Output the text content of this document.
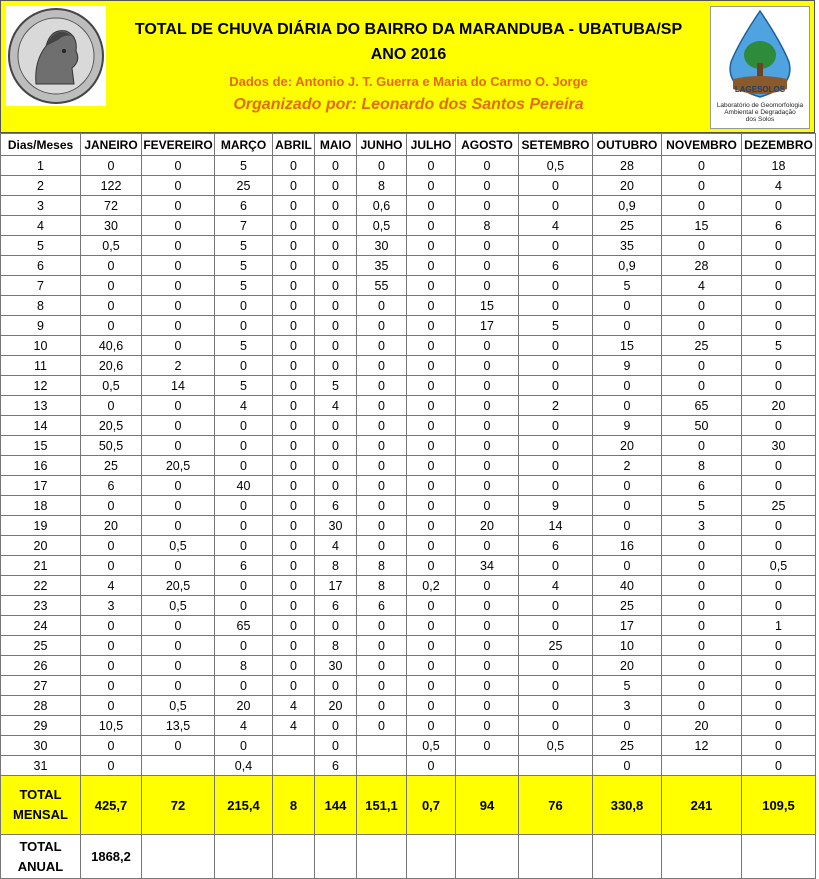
TOTAL DE CHUVA DIÁRIA DO BAIRRO DA MARANDUBA - UBATUBA/SP
ANO 2016
Dados de: Antonio J. T. Guerra e Maria do Carmo O. Jorge
Organizado por: Leonardo dos Santos Pereira
LAGESOLOS
Laboratório de Geomorfologia
Ambiental e Degradação
dos Solos
Dias/Meses	JANEIRO	FEVEREIRO	MARÇO	ABRIL	MAIO	JUNHO	JULHO	AGOSTO	SETEMBRO	OUTUBRO	NOVEMBRO	DEZEMBRO
1	0	0	5	0	0	0	0	0	0,5	28	0	18
2	122	0	25	0	0	8	0	0	0	20	0	4
3	72	0	6	0	0	0,6	0	0	0	0,9	0	0
4	30	0	7	0	0	0,5	0	8	4	25	15	6
5	0,5	0	5	0	0	30	0	0	0	35	0	0
6	0	0	5	0	0	35	0	0	6	0,9	28	0
7	0	0	5	0	0	55	0	0	0	5	4	0
8	0	0	0	0	0	0	0	15	0	0	0	0
9	0	0	0	0	0	0	0	17	5	0	0	0
10	40,6	0	5	0	0	0	0	0	0	15	25	5
11	20,6	2	0	0	0	0	0	0	0	9	0	0
12	0,5	14	5	0	5	0	0	0	0	0	0	0
13	0	0	4	0	4	0	0	0	2	0	65	20
14	20,5	0	0	0	0	0	0	0	0	9	50	0
15	50,5	0	0	0	0	0	0	0	0	20	0	30
16	25	20,5	0	0	0	0	0	0	0	2	8	0
17	6	0	40	0	0	0	0	0	0	0	6	0
18	0	0	0	0	6	0	0	0	9	0	5	25
19	20	0	0	0	30	0	0	20	14	0	3	0
20	0	0,5	0	0	4	0	0	0	6	16	0	0
21	0	0	6	0	8	8	0	34	0	0	0	0,5
22	4	20,5	0	0	17	8	0,2	0	4	40	0	0
23	3	0,5	0	0	6	6	0	0	0	25	0	0
24	0	0	65	0	0	0	0	0	0	17	0	1
25	0	0	0	0	8	0	0	0	25	10	0	0
26	0	0	8	0	30	0	0	0	0	20	0	0
27	0	0	0	0	0	0	0	0	0	5	0	0
28	0	0,5	20	4	20	0	0	0	0	3	0	0
29	10,5	13,5	4	4	0	0	0	0	0	0	20	0
30	0	0	0		0		0,5	0	0,5	25	12	0
31	0		0,4		6		0			0		0

TOTAL
MENSAL	425,7	72	215,4	8	144	151,1	0,7	94	76	330,8	241	109,5

TOTAL
ANUAL	1868,2											
